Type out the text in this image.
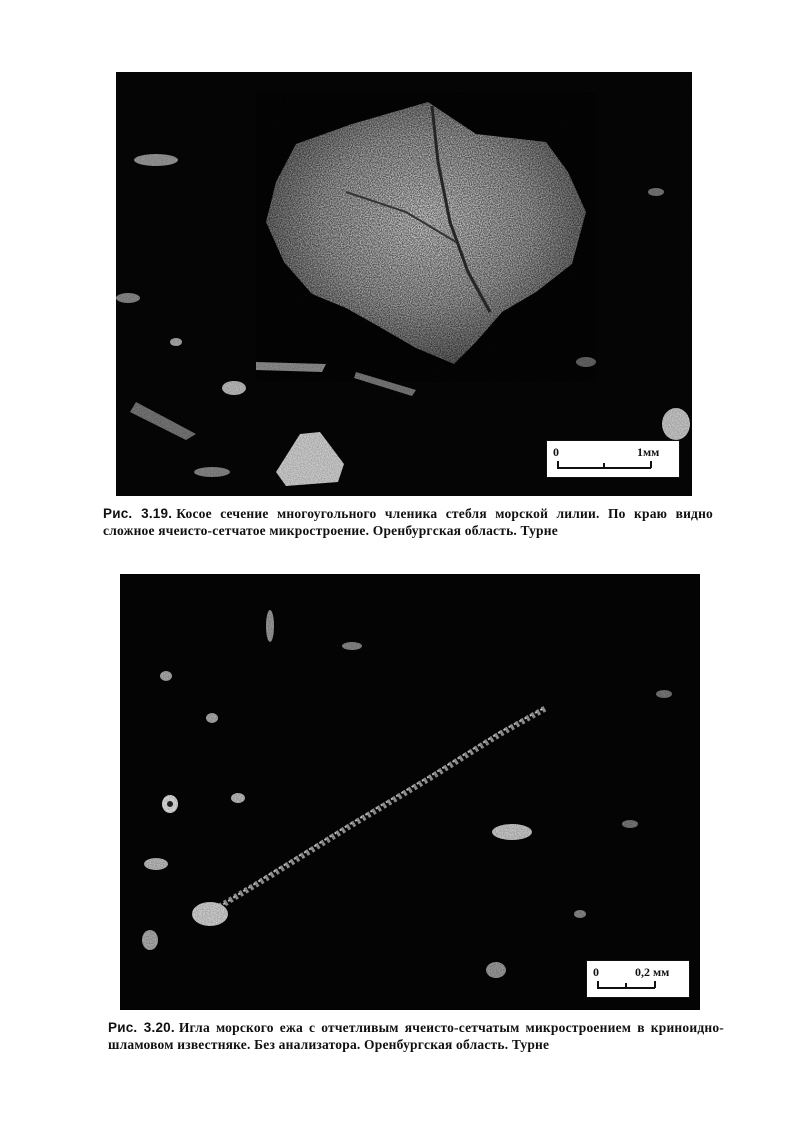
0	1мм
Рис. 3.19. Косое сечение многоугольного членика стебля морской лилии. По краю видно сложное ячеисто-сетчатое микростроение. Оренбургская область. Турне
0	0,2 мм
Рис. 3.20. Игла морского ежа с отчетливым ячеисто-сетчатым микростроением в криноидно-шламовом известняке. Без анализатора. Оренбургская область. Турне
